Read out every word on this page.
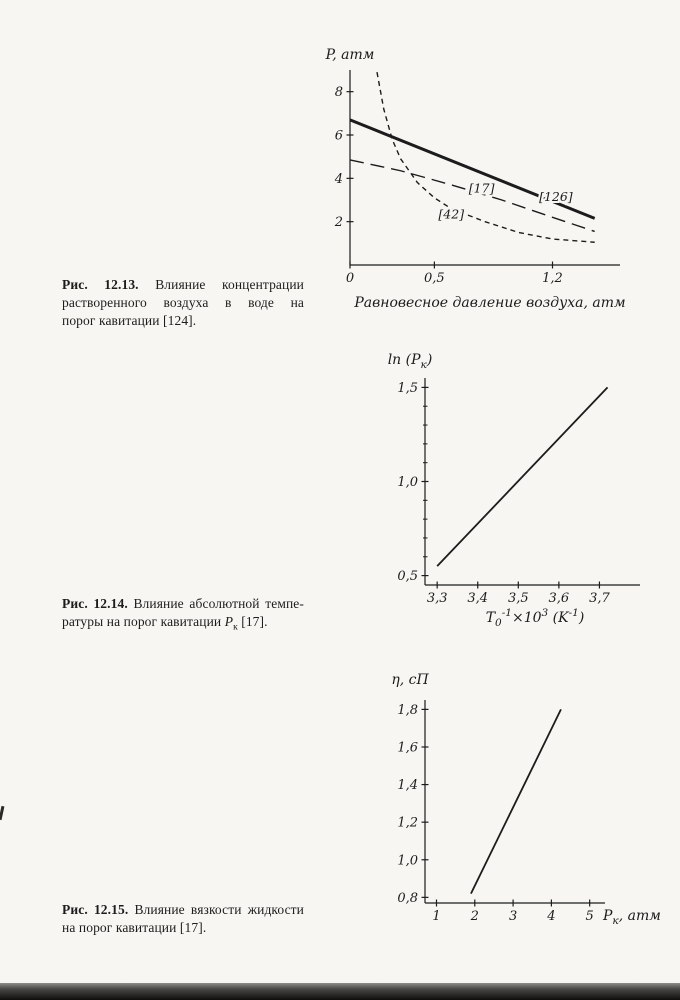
2
4
6
8
0	0,5	1,2
[17]
[42]
[126]
P, атм
Равновесное давление воздуха, атм
Рис. 12.13. Влияние концентрации
растворенного воздуха в воде на
порог кавитации [124].
0,5
1,0
1,5
3,3 3,4 3,5 3,6 3,7
$\ln (P_к)$
$T_0^{-1}\times 10^3$ $(K^{-1})$
Рис. 12.14. Влияние абсолютной темпе-
ратуры на порог кавитации $P_к$ [17].
0,8
1,0
1,2
1,4
1,6
1,8
1 2 3 4 5
η, сП
$P_к$, атм
Рис. 12.15. Влияние вязкости жидкости
на порог кавитации [17].
